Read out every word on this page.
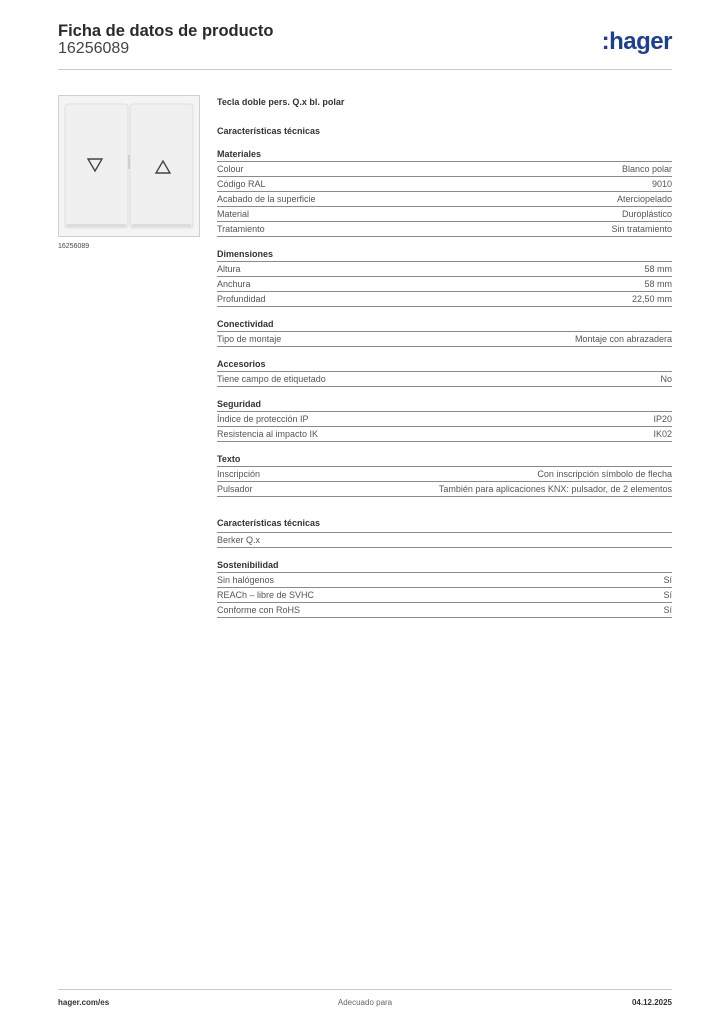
Ficha de datos de producto
16256089	:hager
16256089
Tecla doble pers. Q.x bl. polar
Características técnicas
Materiales
Colour	Blanco polar
Código RAL	9010
Acabado de la superficie	Aterciopelado
Material	Duroplástico
Tratamiento	Sin tratamiento
Dimensiones
Altura	58 mm
Anchura	58 mm
Profundidad	22,50 mm
Conectividad
Tipo de montaje	Montaje con abrazadera
Accesorios
Tiene campo de etiquetado	No
Seguridad
Índice de protección IP	IP20
Resistencia al impacto IK	IK02
Texto
Inscripción	Con inscripción símbolo de flecha
Pulsador	También para aplicaciones KNX: pulsador, de 2 elementos
Características técnicas
Berker Q.x
Sostenibilidad
Sin halógenos	Sí
REACh – libre de SVHC	Sí
Conforme con RoHS	Sí
hager.com/es	Adecuado para	04.12.2025
